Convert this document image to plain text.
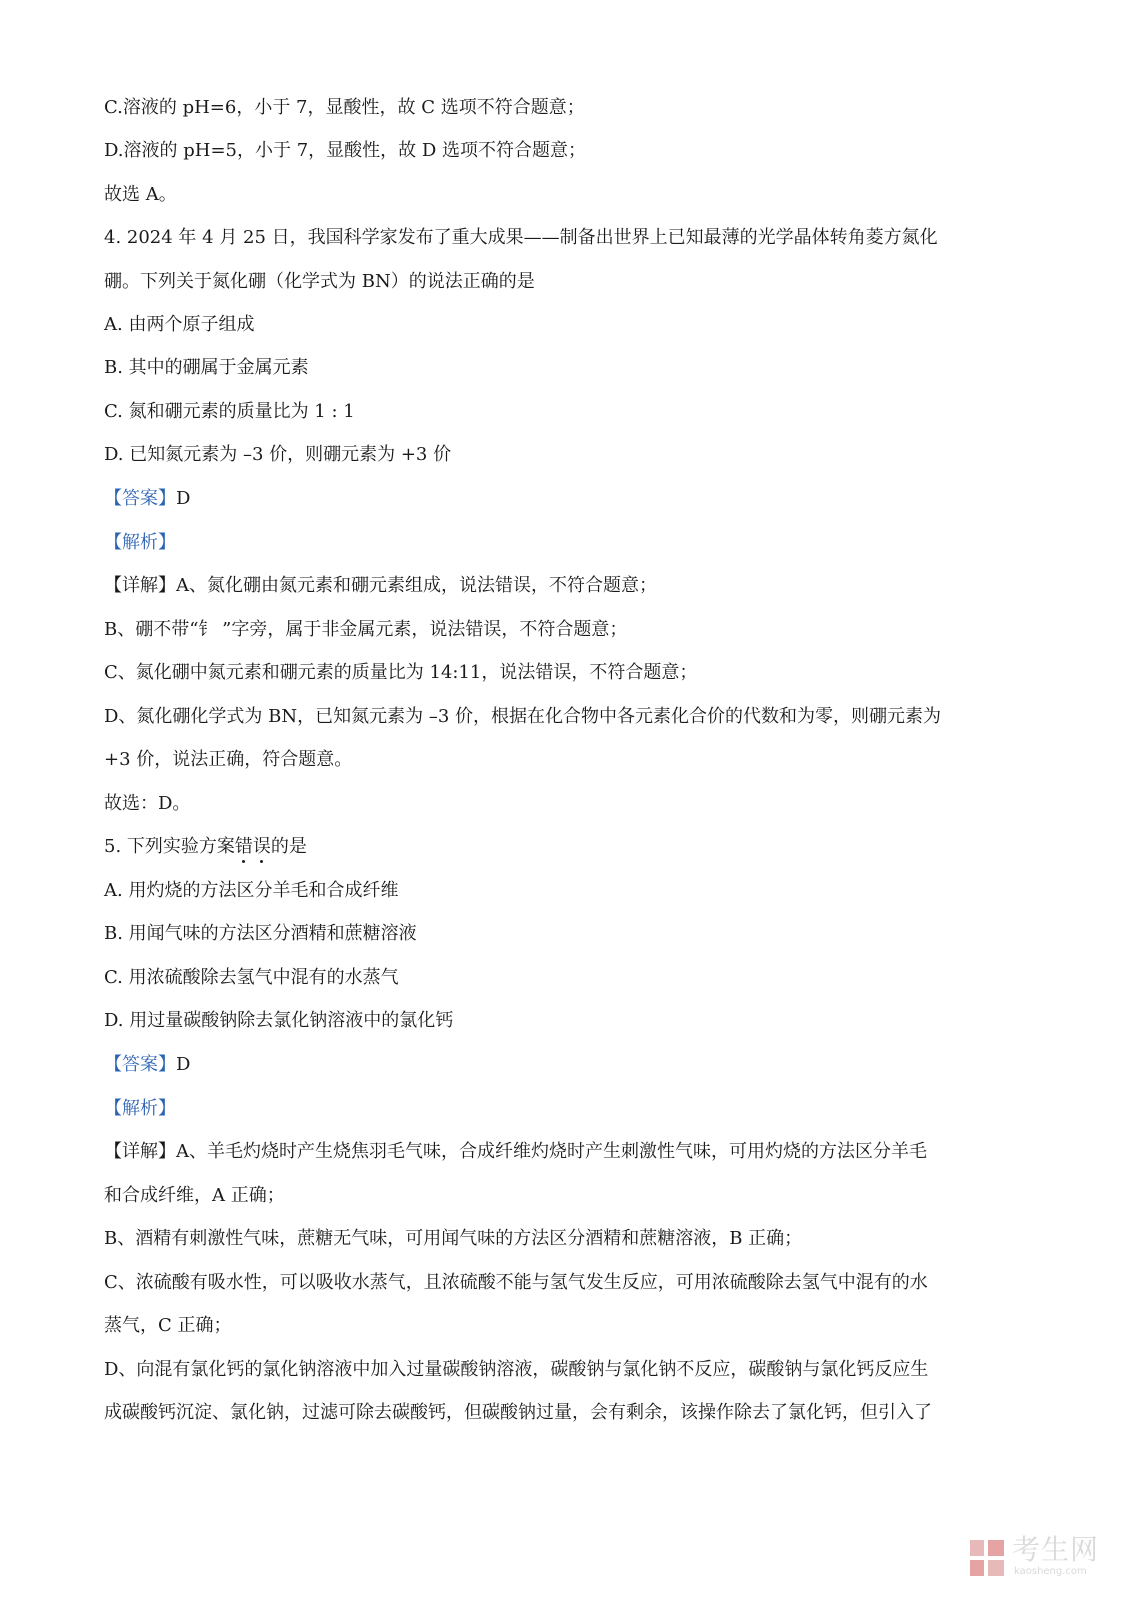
C.溶液的 pH=6，小于 7，显酸性，故 C 选项不符合题意；
D.溶液的 pH=5，小于 7，显酸性，故 D 选项不符合题意；
故选 A。
4. 2024 年 4 月 25 日，我国科学家发布了重大成果——制备出世界上已知最薄的光学晶体转角菱方氮化
硼。下列关于氮化硼（化学式为 BN）的说法正确的是
A. 由两个原子组成
B. 其中的硼属于金属元素
C. 氮和硼元素的质量比为 1 : 1
D. 已知氮元素为 –3 价，则硼元素为 +3 价
【答案】D
【解析】
【详解】A、氮化硼由氮元素和硼元素组成，说法错误，不符合题意；
B、硼不带“钅 ”字旁，属于非金属元素，说法错误，不符合题意；
C、氮化硼中氮元素和硼元素的质量比为 14:11，说法错误，不符合题意；
D、氮化硼化学式为 BN，已知氮元素为 –3 价，根据在化合物中各元素化合价的代数和为零，则硼元素为
+3 价，说法正确，符合题意。
故选：D。
5. 下列实验方案错误
的是
A. 用灼烧的方法区分羊毛和合成纤维
B. 用闻气味的方法区分酒精和蔗糖溶液
C. 用浓硫酸除去氢气中混有的水蒸气
D. 用过量碳酸钠除去氯化钠溶液中的氯化钙
【答案】D
【解析】
【详解】A、羊毛灼烧时产生烧焦羽毛气味，合成纤维灼烧时产生刺激性气味，可用灼烧的方法区分羊毛
和合成纤维，A 正确；
B、酒精有刺激性气味，蔗糖无气味，可用闻气味的方法区分酒精和蔗糖溶液，B 正确；
C、浓硫酸有吸水性，可以吸收水蒸气，且浓硫酸不能与氢气发生反应，可用浓硫酸除去氢气中混有的水
蒸气，C 正确；
D、向混有氯化钙的氯化钠溶液中加入过量碳酸钠溶液，碳酸钠与氯化钠不反应，碳酸钠与氯化钙反应生
成碳酸钙沉淀、氯化钠，过滤可除去碳酸钙，但碳酸钠过量，会有剩余，该操作除去了氯化钙，但引入了
考生网
kaosheng.com
